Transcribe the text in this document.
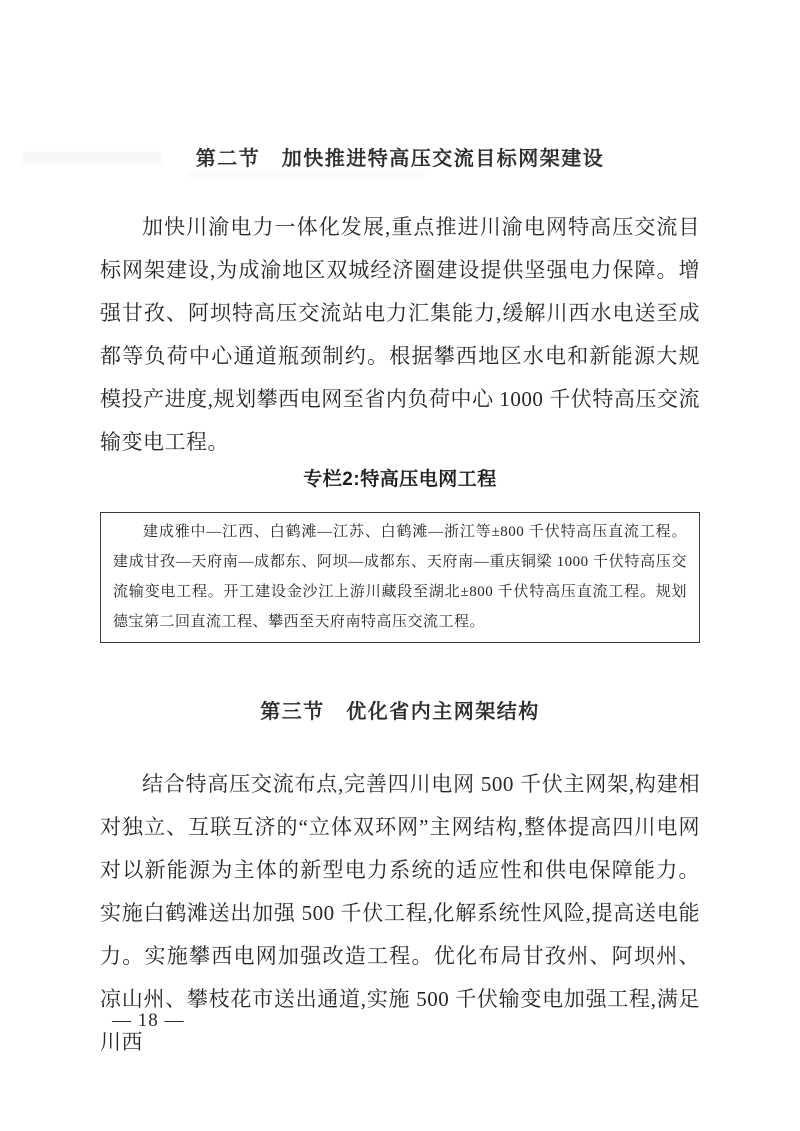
第二节　加快推进特高压交流目标网架建设
加快川渝电力一体化发展,重点推进川渝电网特高压交流目标网架建设,为成渝地区双城经济圈建设提供坚强电力保障。增强甘孜、阿坝特高压交流站电力汇集能力,缓解川西水电送至成都等负荷中心通道瓶颈制约。根据攀西地区水电和新能源大规模投产进度,规划攀西电网至省内负荷中心 1000 千伏特高压交流输变电工程。
专栏2:特高压电网工程
建成雅中—江西、白鹤滩—江苏、白鹤滩—浙江等±800 千伏特高压直流工程。建成甘孜—天府南—成都东、阿坝—成都东、天府南—重庆铜梁 1000 千伏特高压交流输变电工程。开工建设金沙江上游川藏段至湖北±800 千伏特高压直流工程。规划德宝第二回直流工程、攀西至天府南特高压交流工程。
第三节　优化省内主网架结构
结合特高压交流布点,完善四川电网 500 千伏主网架,构建相对独立、互联互济的“立体双环网”主网结构,整体提高四川电网对以新能源为主体的新型电力系统的适应性和供电保障能力。实施白鹤滩送出加强 500 千伏工程,化解系统性风险,提高送电能力。实施攀西电网加强改造工程。优化布局甘孜州、阿坝州、凉山州、攀枝花市送出通道,实施 500 千伏输变电加强工程,满足川西
— 18 —
